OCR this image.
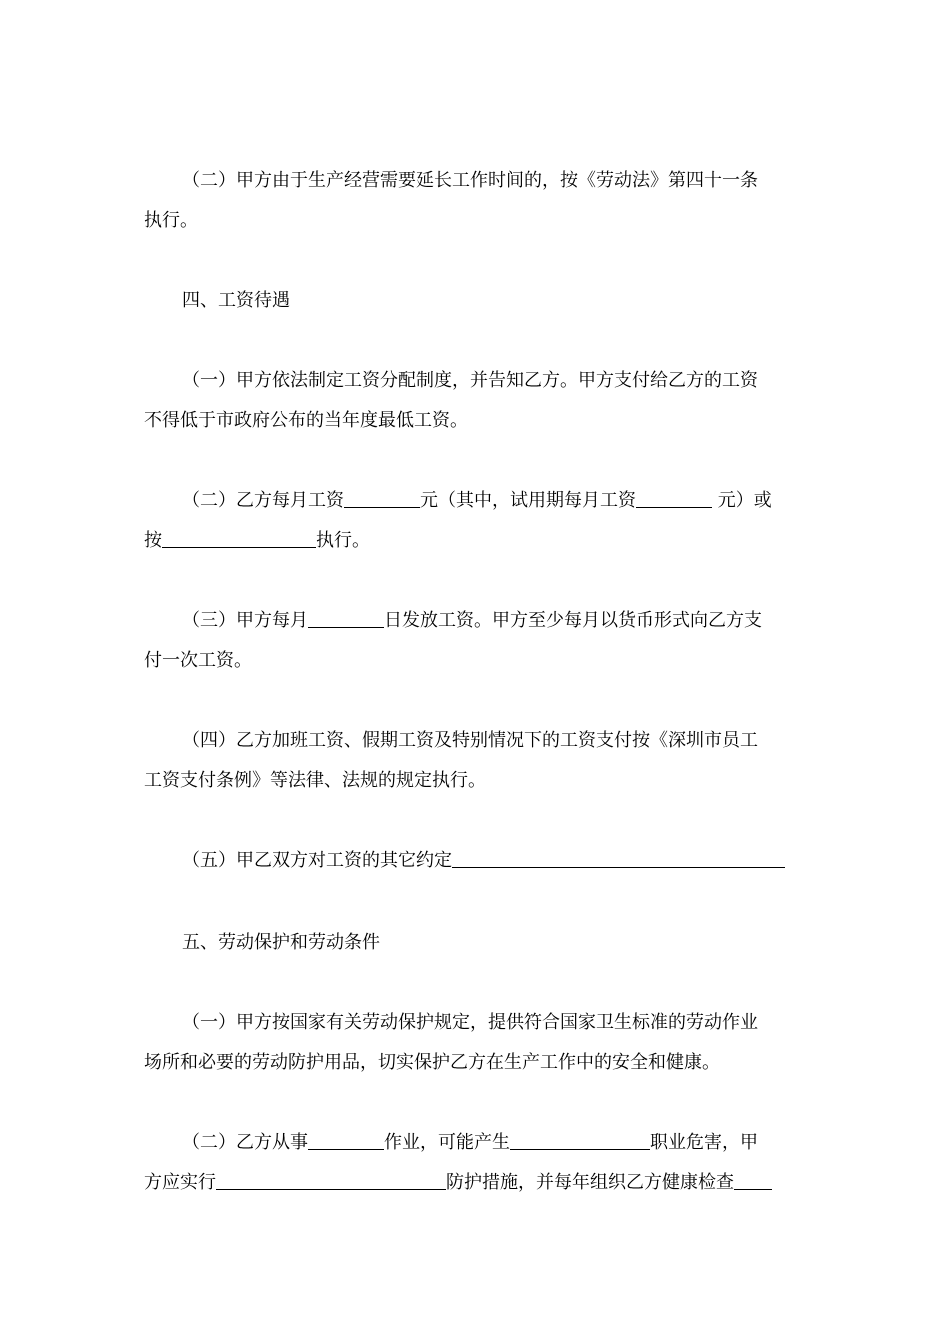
（二）甲方由于生产经营需要延长工作时间的，按《劳动法》第四十一条
执行。
四、工资待遇
（一）甲方依法制定工资分配制度，并告知乙方。甲方支付给乙方的工资
不得低于市政府公布的当年度最低工资。
（二）乙方每月工资	元（其中，试用期每月工资	元）或
按	执行。
（三）甲方每月	日发放工资。甲方至少每月以货币形式向乙方支
付一次工资。
（四）乙方加班工资、假期工资及特别情况下的工资支付按《深圳市员工
工资支付条例》等法律、法规的规定执行。
（五）甲乙双方对工资的其它约定
五、劳动保护和劳动条件
（一）甲方按国家有关劳动保护规定，提供符合国家卫生标准的劳动作业
场所和必要的劳动防护用品，切实保护乙方在生产工作中的安全和健康。
（二）乙方从事	作业，可能产生	职业危害，甲
方应实行	防护措施，并每年组织乙方健康检查
